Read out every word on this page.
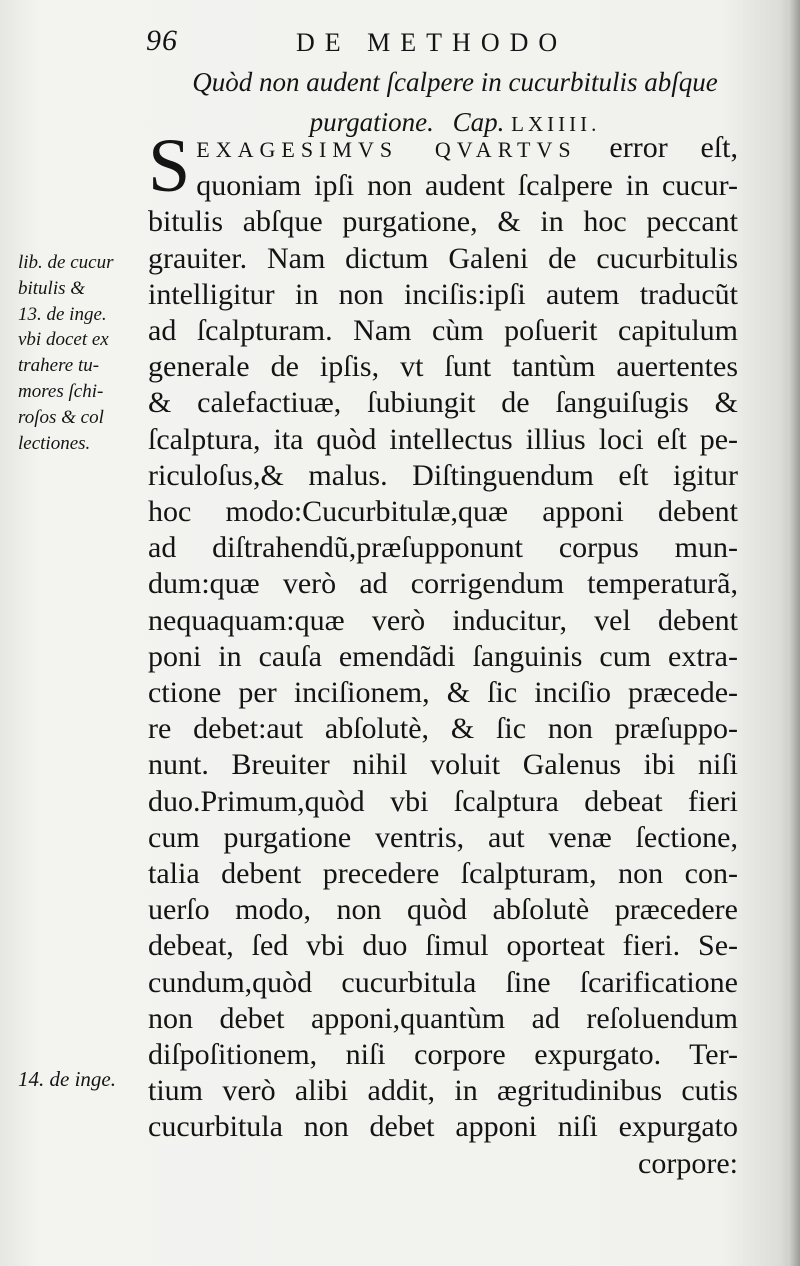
96	DE METHODO
Quòd non audent ſcalpere in cucurbitulis abſque
purgatione. Cap. LXIIII.
S EXAGESIMVS QVARTVS error eſt,
quoniam ipſi non audent ſcalpere in cucur-
bitulis abſque purgatione, & in hoc peccant
grauiter. Nam dictum Galeni de cucurbitulis
intelligitur in non inciſis:ipſi autem traducũt
ad ſcalpturam. Nam cùm poſuerit capitulum
generale de ipſis, vt ſunt tantùm auertentes
& calefactiuæ, ſubiungit de ſanguiſugis &
ſcalptura, ita quòd intellectus illius loci eſt pe-
riculoſus,& malus. Diſtinguendum eſt igitur
hoc modo:Cucurbitulæ,quæ apponi debent
ad diſtrahendũ,præſupponunt corpus mun-
dum:quæ verò ad corrigendum temperaturã,
nequaquam:quæ verò inducitur, vel debent
poni in cauſa emendãdi ſanguinis cum extra-
ctione per inciſionem, & ſic inciſio præcede-
re debet:aut abſolutè, & ſic non præſuppo-
nunt. Breuiter nihil voluit Galenus ibi niſi
duo.Primum,quòd vbi ſcalptura debeat fieri
cum purgatione ventris, aut venæ ſectione,
talia debent precedere ſcalpturam, non con-
uerſo modo, non quòd abſolutè præcedere
debeat, ſed vbi duo ſimul oporteat fieri. Se-
cundum,quòd cucurbitula ſine ſcarificatione
non debet apponi,quantùm ad reſoluendum
diſpoſitionem, niſi corpore expurgato. Ter-
tium verò alibi addit, in ægritudinibus cutis
cucurbitula non debet apponi niſi expurgato
corpore:
lib. de cucur
bitulis &
13. de inge.
vbi docet ex
trahere tu-
mores ſchi-
roſos & col
lectiones.
14. de inge.
